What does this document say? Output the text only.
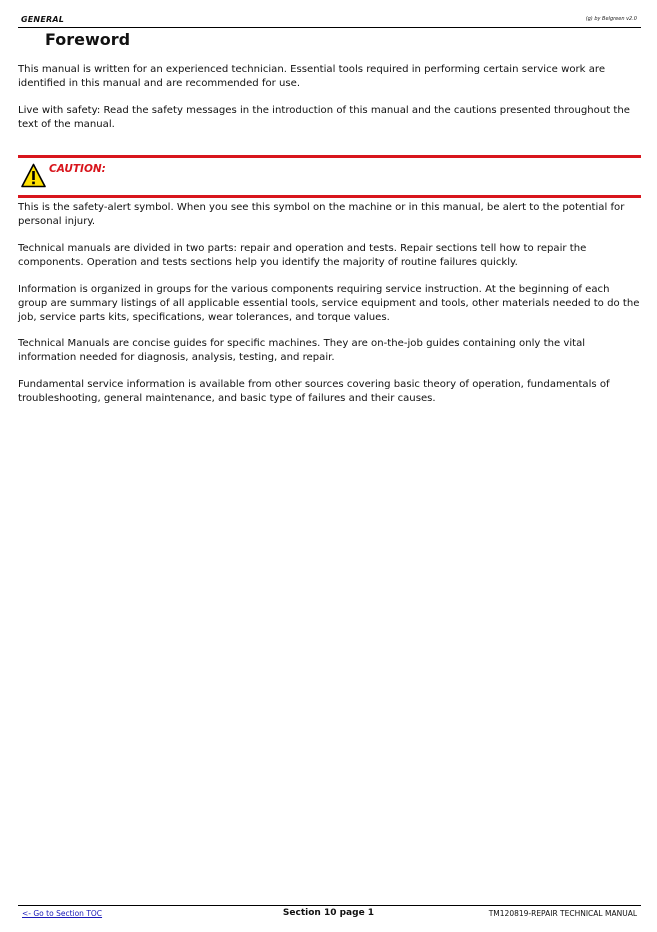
GENERAL	(g) by Belgreen v2.0
Foreword

This manual is written for an experienced technician. Essential tools required in performing certain service work are identified in this manual and are recommended for use.

Live with safety: Read the safety messages in the introduction of this manual and the cautions presented throughout the text of the manual.

CAUTION:

This is the safety-alert symbol. When you see this symbol on the machine or in this manual, be alert to the potential for personal injury.

Technical manuals are divided in two parts: repair and operation and tests. Repair sections tell how to repair the components. Operation and tests sections help you identify the majority of routine failures quickly.

Information is organized in groups for the various components requiring service instruction. At the beginning of each group are summary listings of all applicable essential tools, service equipment and tools, other materials needed to do the job, service parts kits, specifications, wear tolerances, and torque values.

Technical Manuals are concise guides for specific machines. They are on-the-job guides containing only the vital information needed for diagnosis, analysis, testing, and repair.

Fundamental service information is available from other sources covering basic theory of operation, fundamentals of troubleshooting, general maintenance, and basic type of failures and their causes.

<- Go to Section TOC	Section 10 page 1	TM120819-REPAIR TECHNICAL MANUAL
